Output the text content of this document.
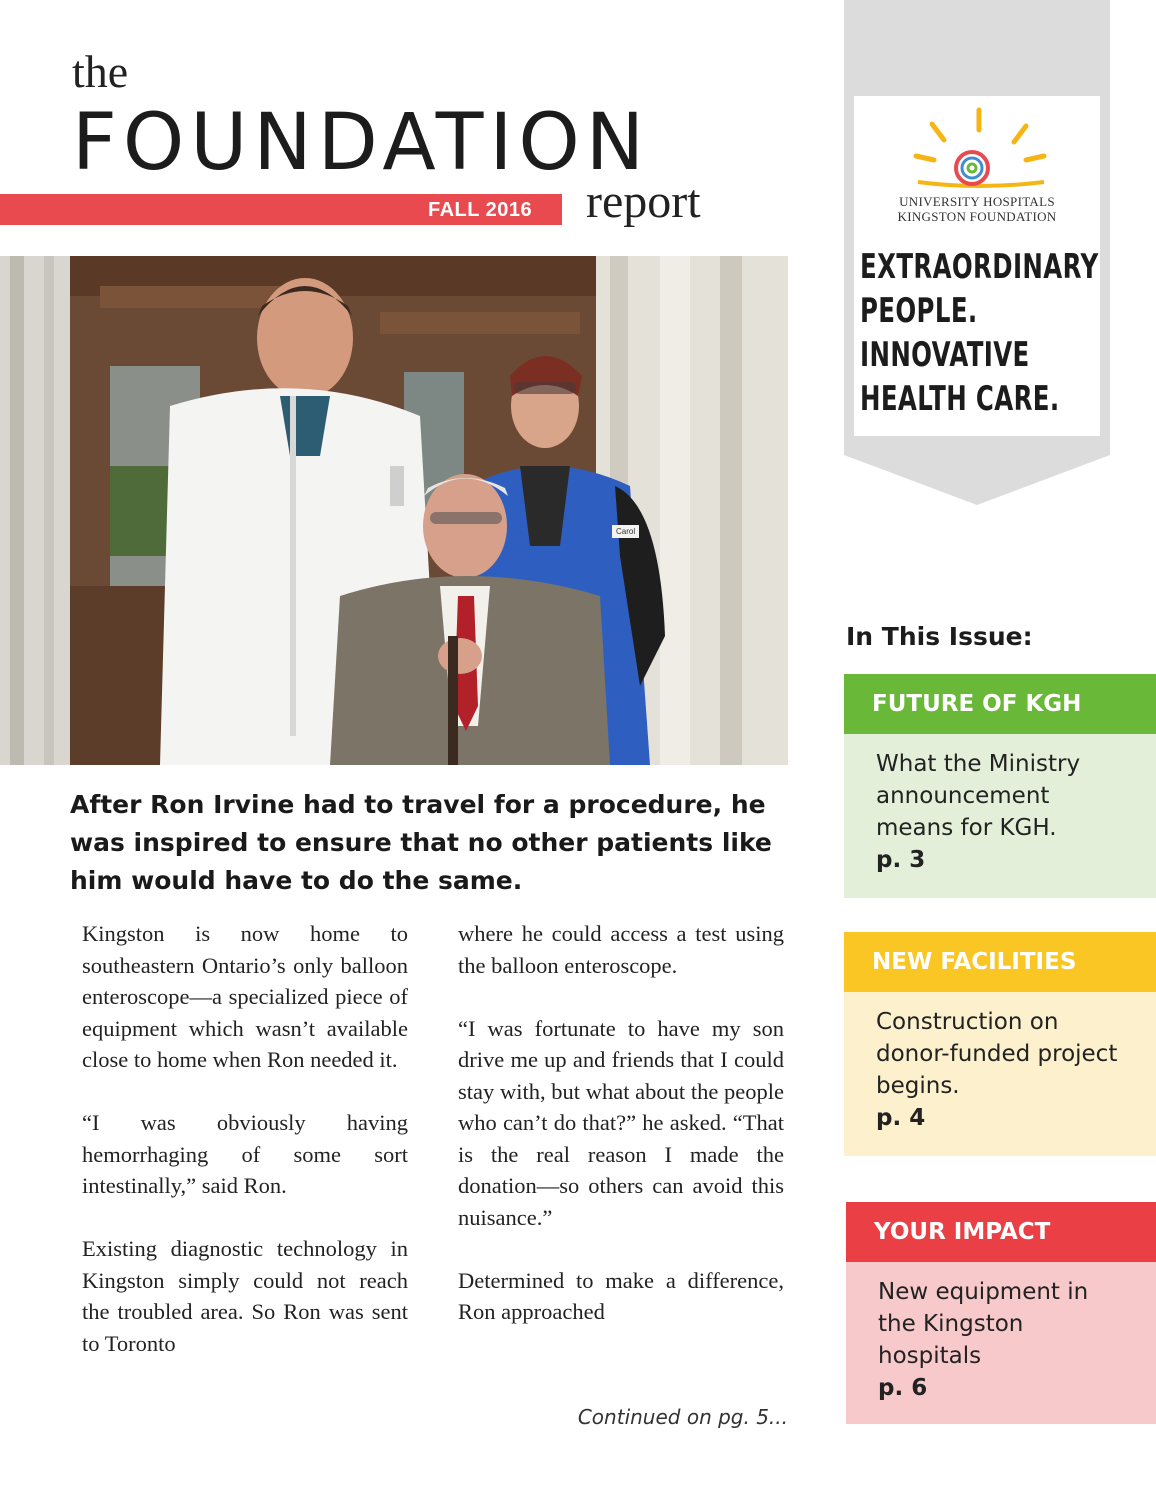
the
FOUNDATION
FALL 2016 report
After Ron Irvine had to travel for a procedure, he was inspired to ensure that no other patients like him would have to do the same.

Kingston is now home to southeastern Ontario’s only balloon enteroscope—a specialized piece of equipment which wasn’t available close to home when Ron needed it.

“I was obviously having hemorrhaging of some sort intestinally,” said Ron.

Existing diagnostic technology in Kingston simply could not reach the troubled area. So Ron was sent to Toronto

where he could access a test using the balloon enteroscope.

“I was fortunate to have my son drive me up and friends that I could stay with, but what about the people who can’t do that?” he asked. “That is the real reason I made the donation—so others can avoid this nuisance.”

Determined to make a difference, Ron approached

Continued on pg. 5...
UNIVERSITY HOSPITALS
KINGSTON FOUNDATION
EXTRAORDINARY
PEOPLE.
INNOVATIVE
HEALTH CARE.
In This Issue:
FUTURE OF KGH
What the Ministry announcement means for KGH.
p. 3
NEW FACILITIES
Construction on donor-funded project begins.
p. 4
YOUR IMPACT
New equipment in the Kingston hospitals
p. 6
Carol
